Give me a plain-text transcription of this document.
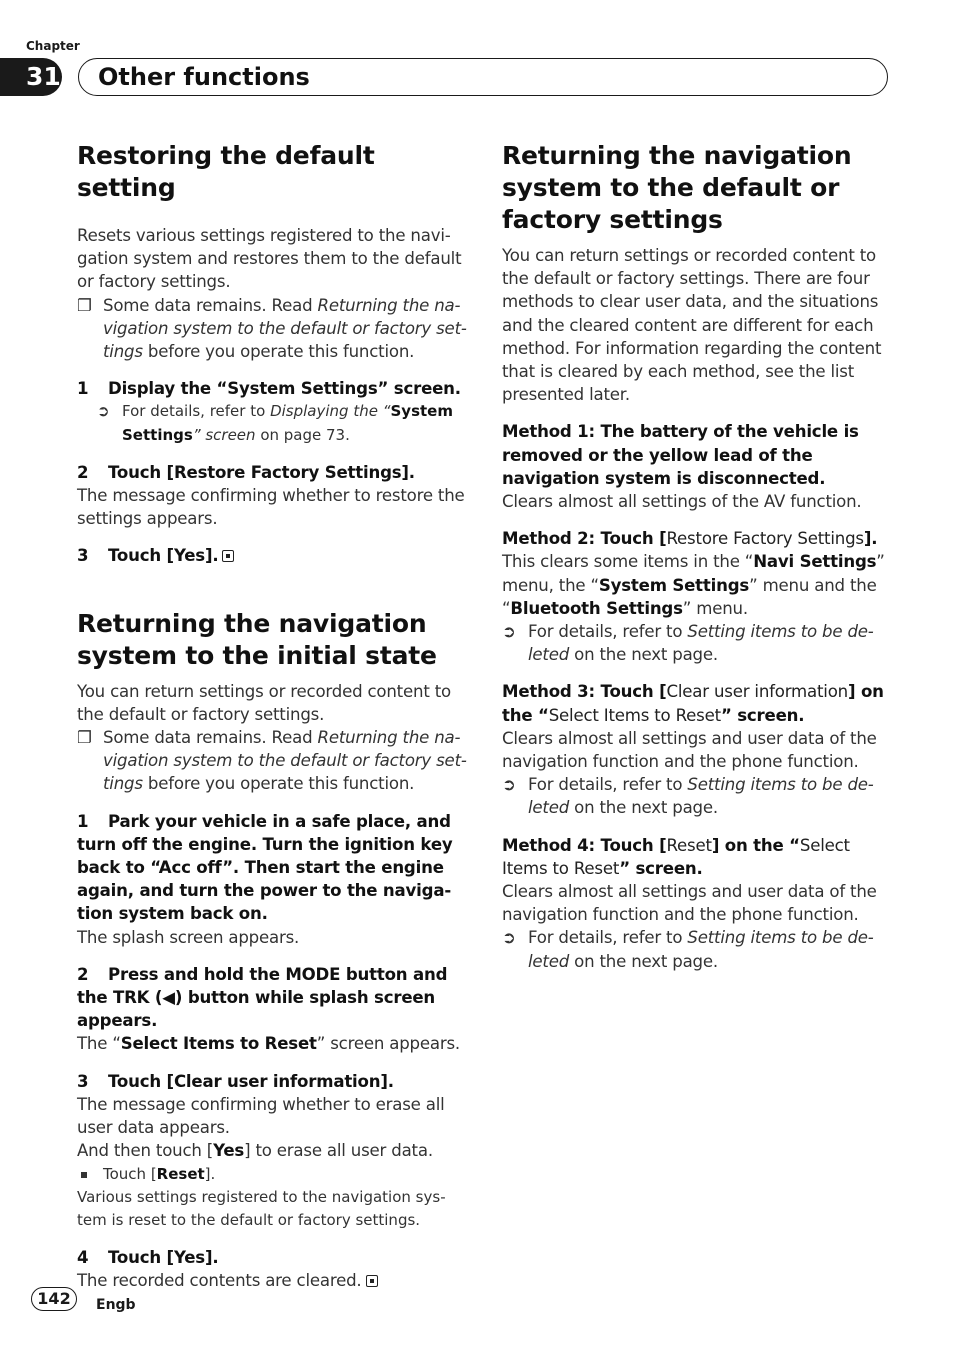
Chapter
31 Other functions
Restoring the default setting

Resets various settings registered to the navigation system and restores them to the default or factory settings.

❐ Some data remains. Read Returning the navigation system to the default or factory settings before you operate this function.
1 Display the “System Settings” screen.
➲ For details, refer to Displaying the “System Settings” screen on page 73.
2 Touch [Restore Factory Settings].

The message confirming whether to restore the settings appears.

3 Touch [Yes].
Returning the navigation system to the initial state

You can return settings or recorded content to the default or factory settings.

❐ Some data remains. Read Returning the navigation system to the default or factory settings before you operate this function.
1 Park your vehicle in a safe place, and turn off the engine. Turn the ignition key back to “Acc off”. Then start the engine again, and turn the power to the navigation system back on.

The splash screen appears.

2 Press and hold the MODE button and the TRK (◀) button while splash screen appears.

The “Select Items to Reset” screen appears.

3 Touch [Clear user information].

The message confirming whether to erase all user data appears.

And then touch [Yes] to erase all user data.

Touch [Reset].

Various settings registered to the navigation system is reset to the default or factory settings.

4 Touch [Yes].

The recorded contents are cleared.

Returning the navigation system to the default or factory settings

You can return settings or recorded content to the default or factory settings. There are four methods to clear user data, and the situations and the cleared content are different for each method. For information regarding the content that is cleared by each method, see the list presented later.

Method 1: The battery of the vehicle is removed or the yellow lead of the navigation system is disconnected.

Clears almost all settings of the AV function.

Method 2: Touch [Restore Factory Settings].

This clears some items in the “Navi Settings” menu, the “System Settings” menu and the “Bluetooth Settings” menu.

➲ For details, refer to Setting items to be deleted on the next page.

Method 3: Touch [Clear user information] on the “Select Items to Reset” screen.

Clears almost all settings and user data of the navigation function and the phone function.

➲ For details, refer to Setting items to be deleted on the next page.

Method 4: Touch [Reset] on the “Select Items to Reset” screen.

Clears almost all settings and user data of the navigation function and the phone function.

➲ For details, refer to Setting items to be deleted on the next page.
142	Engb
